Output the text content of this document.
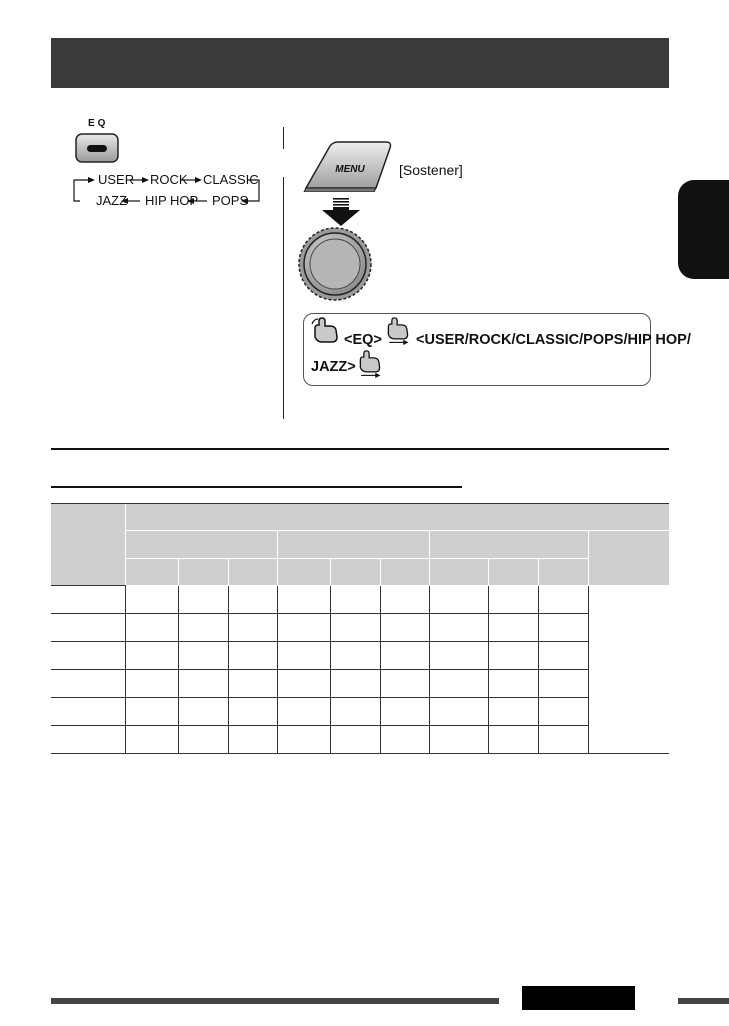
EQ
USER ROCK CLASSIC
JAZZ HIP HOP POPS
MENU [Sostener]
<EQ> <USER/ROCK/CLASSIC/POPS/HIP HOP/
JAZZ>
